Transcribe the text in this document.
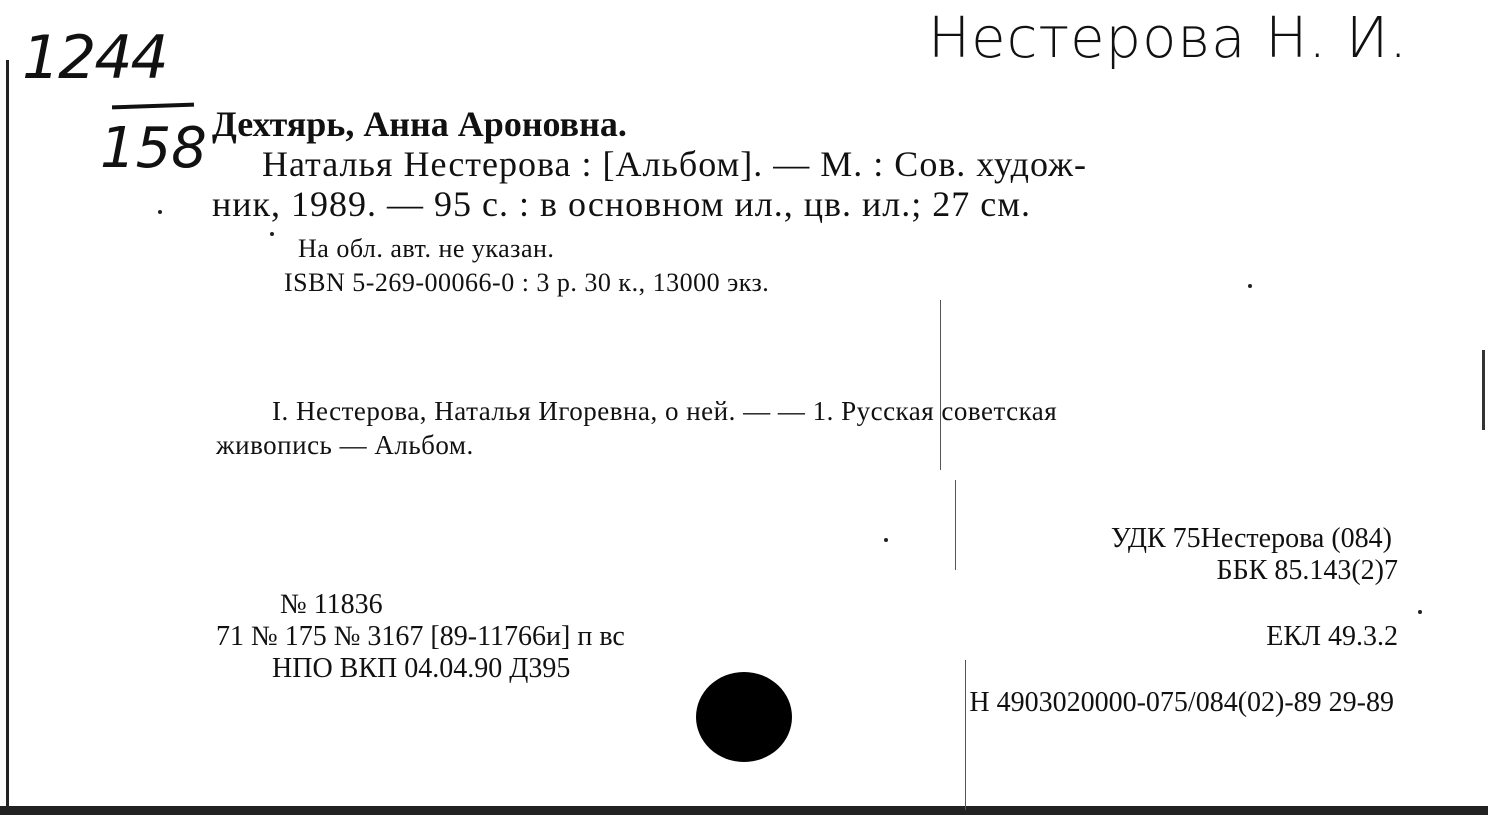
1244
158
Нестерова Н. И.
Дехтярь, Анна Ароновна.
Наталья Нестерова : [Альбом]. — М. : Сов. худож-
ник, 1989. — 95 с. : в основном ил., цв. ил.; 27 см.
На обл. авт. не указан.
ISBN 5-269-00066-0 : 3 р. 30 к., 13000 экз.
I. Нестерова, Наталья Игоревна, о ней. — — 1. Русская советская
живопись — Альбом.
УДК 75Нестерова (084)
ББК 85.143(2)7
ЕКЛ 49.3.2
№ 11836
71 № 175 № 3167 [89-11766и] п вс
НПО ВКП 04.04.90 Д395
Н 4903020000-075/084(02)-89 29-89
